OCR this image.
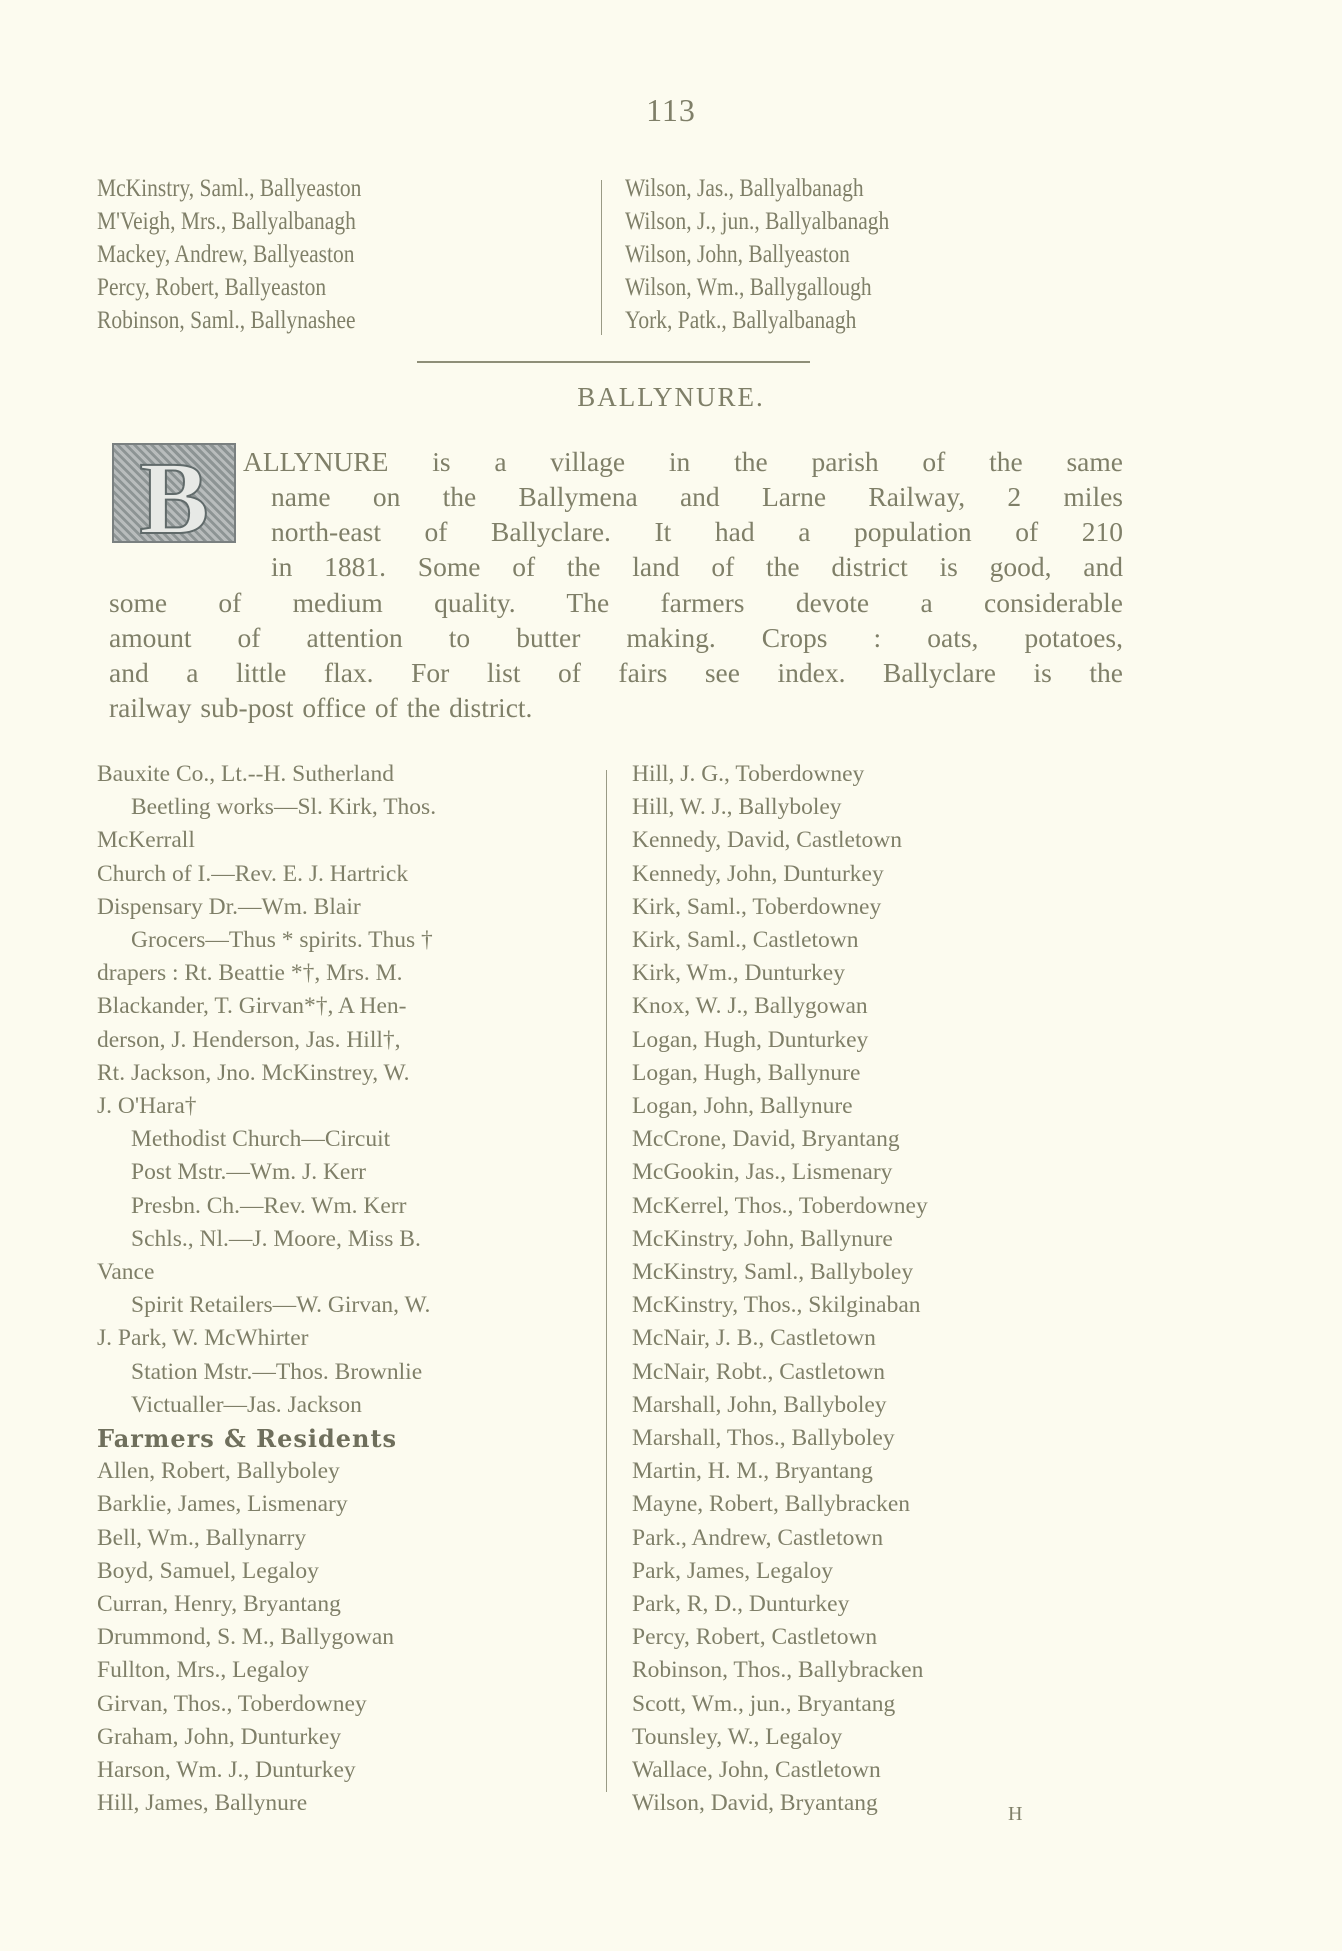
113
McKinstry, Saml., Ballyeaston
M'Veigh, Mrs., Ballyalbanagh
Mackey, Andrew, Ballyeaston
Percy, Robert, Ballyeaston
Robinson, Saml., Ballynashee
Wilson, Jas., Ballyalbanagh
Wilson, J., jun., Ballyalbanagh
Wilson, John, Ballyeaston
Wilson, Wm., Ballygallough
York, Patk., Ballyalbanagh
BALLYNURE.
B	ALLYNURE is a village in the parish of the same
name on the Ballymena and Larne Railway, 2 miles
north-east of Ballyclare. It had a population of 210
in 1881. Some of the land of the district is good, and
some of medium quality. The farmers devote a considerable
amount of attention to butter making. Crops : oats, potatoes,
and a little flax. For list of fairs see index. Ballyclare is the
railway sub-post office of the district.
Bauxite Co., Lt.--H. Sutherland
Beetling works—Sl. Kirk, Thos.
McKerrall
Church of I.—Rev. E. J. Hartrick
Dispensary Dr.—Wm. Blair
Grocers—Thus * spirits. Thus †
drapers : Rt. Beattie *†, Mrs. M.
Blackander, T. Girvan*†, A Hen-
derson, J. Henderson, Jas. Hill†,
Rt. Jackson, Jno. McKinstrey, W.
J. O'Hara†
Methodist Church—Circuit
Post Mstr.—Wm. J. Kerr
Presbn. Ch.—Rev. Wm. Kerr
Schls., Nl.—J. Moore, Miss B.
Vance
Spirit Retailers—W. Girvan, W.
J. Park, W. McWhirter
Station Mstr.—Thos. Brownlie
Victualler—Jas. Jackson
Farmers & Residents
Allen, Robert, Ballyboley
Barklie, James, Lismenary
Bell, Wm., Ballynarry
Boyd, Samuel, Legaloy
Curran, Henry, Bryantang
Drummond, S. M., Ballygowan
Fullton, Mrs., Legaloy
Girvan, Thos., Toberdowney
Graham, John, Dunturkey
Harson, Wm. J., Dunturkey
Hill, James, Ballynure
Hill, J. G., Toberdowney
Hill, W. J., Ballyboley
Kennedy, David, Castletown
Kennedy, John, Dunturkey
Kirk, Saml., Toberdowney
Kirk, Saml., Castletown
Kirk, Wm., Dunturkey
Knox, W. J., Ballygowan
Logan, Hugh, Dunturkey
Logan, Hugh, Ballynure
Logan, John, Ballynure
McCrone, David, Bryantang
McGookin, Jas., Lismenary
McKerrel, Thos., Toberdowney
McKinstry, John, Ballynure
McKinstry, Saml., Ballyboley
McKinstry, Thos., Skilginaban
McNair, J. B., Castletown
McNair, Robt., Castletown
Marshall, John, Ballyboley
Marshall, Thos., Ballyboley
Martin, H. M., Bryantang
Mayne, Robert, Ballybracken
Park., Andrew, Castletown
Park, James, Legaloy
Park, R, D., Dunturkey
Percy, Robert, Castletown
Robinson, Thos., Ballybracken
Scott, Wm., jun., Bryantang
Tounsley, W., Legaloy
Wallace, John, Castletown
Wilson, David, Bryantang	H
